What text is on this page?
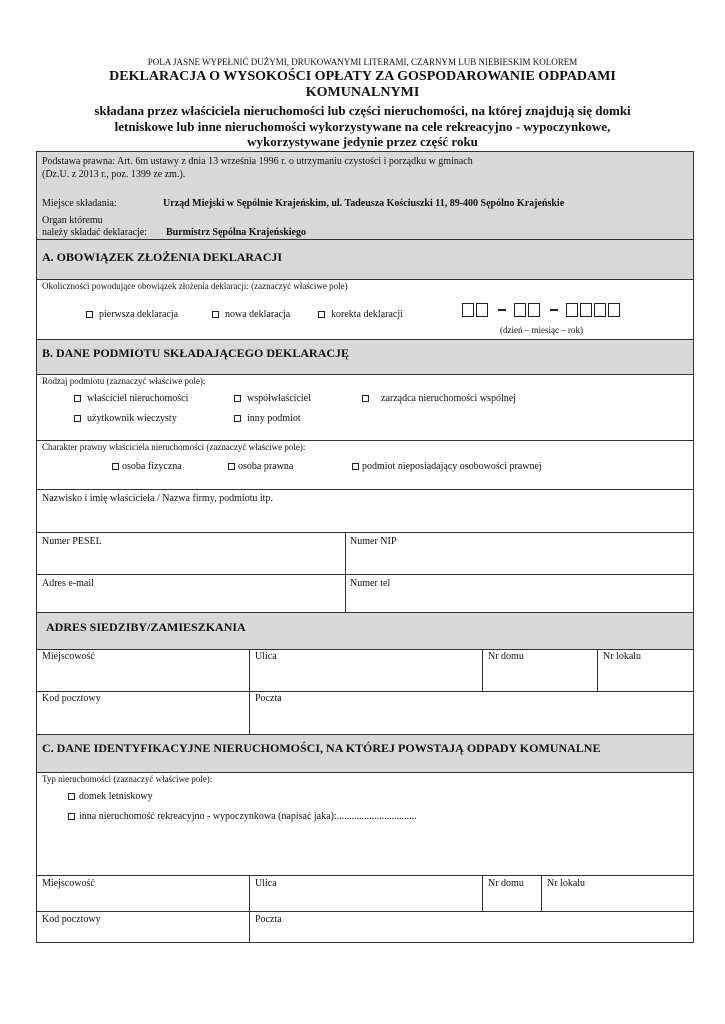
POLA JASNE WYPEŁNIĆ DUŻYMI, DRUKOWANYMI LITERAMI, CZARNYM LUB NIEBIESKIM KOLOREM
DEKLARACJA O WYSOKOŚCI OPŁATY ZA GOSPODAROWANIE ODPADAMI
KOMUNALNYMI
składana przez właściciela nieruchomości lub części nieruchomości, na której znajdują się domki
letniskowe lub inne nieruchomości wykorzystywane na cele rekreacyjno - wypoczynkowe,
wykorzystywane jedynie przez część roku
Podstawa prawna: Art. 6m ustawy z dnia 13 września 1996 r. o utrzymaniu czystości i porządku w gminach
(Dz.U. z 2013 r., poz. 1399 ze zm.).
Miejsce składania:	Urząd Miejski w Sępólnie Krajeńskim, ul. Tadeusza Kościuszki 11, 89-400 Sępólno Krajeńskie
Organ któremu
należy składać deklaracje: Burmistrz Sępólna Krajeńskiego
A. OBOWIĄZEK ZŁOŻENIA DEKLARACJI
Okoliczności powodujące obowiązek złożenia deklaracji: (zaznaczyć właściwe pole)
pierwsza deklaracja	nowa deklaracja	korekta deklaracji
(dzień – miesiąc – rok)
B. DANE PODMIOTU SKŁADAJĄCEGO DEKLARACJĘ
Rodzaj podmiotu (zaznaczyć właściwe pole):
właściciel nieruchomości	współwłaściciel	zarządca nieruchomości wspólnej
użytkownik wieczysty	inny podmiot
Charakter prawny właściciela nieruchomości (zaznaczyć właściwe pole):
osoba fizyczna	osoba prawna	podmiot nieposiadający osobowości prawnej
Nazwisko i imię właściciela / Nazwa firmy, podmiotu itp.
Numer PESEL	Numer NIP
Adres e-mail	Numer tel
ADRES SIEDZIBY/ZAMIESZKANIA
Miejscowość	Ulica	Nr domu	Nr lokalu
Kod pocztowy	Poczta
C. DANE IDENTYFIKACYJNE NIERUCHOMOŚCI, NA KTÓREJ POWSTAJĄ ODPADY KOMUNALNE
Typ nieruchomości (zaznaczyć właściwe pole):
domek letniskowy
inna nieruchomość rekreacyjno - wypoczynkowa (napisać jaka):................................
Miejscowość	Ulica	Nr domu Nr lokalu
Kod pocztowy	Poczta
